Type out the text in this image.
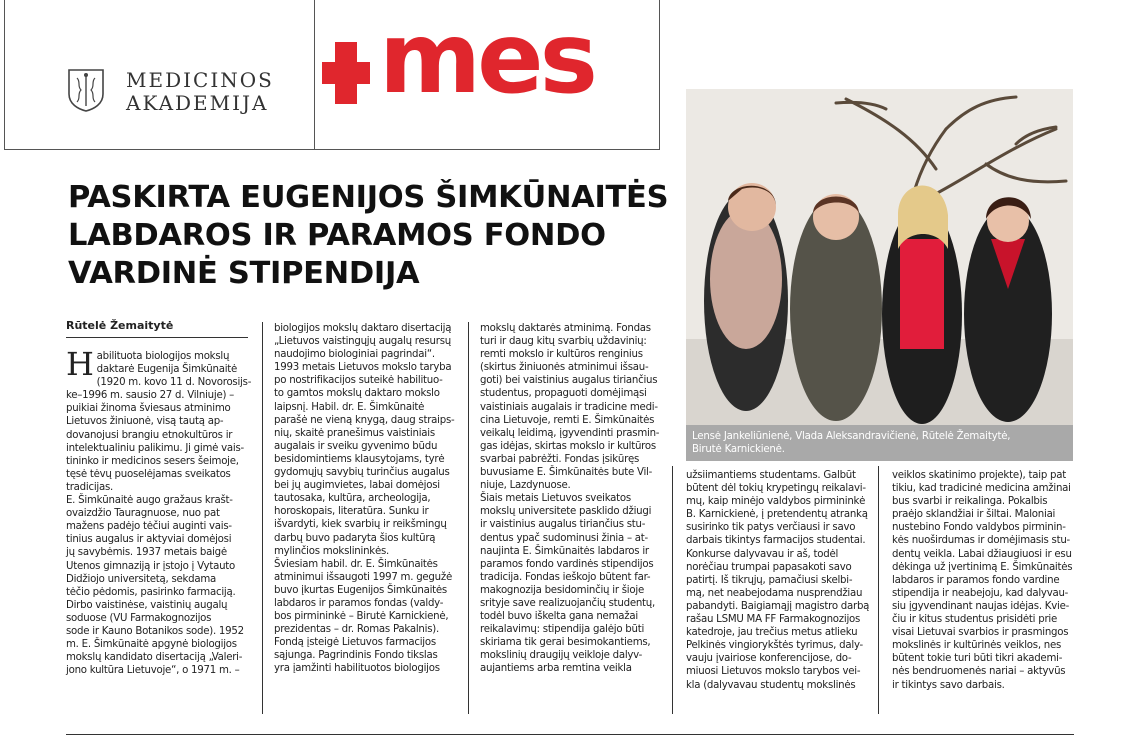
MEDICINOS
AKADEMIJA mes
PASKIRTA EUGENIJOS ŠIMKŪNAITĖS
LABDAROS IR PARAMOS FONDO
VARDINĖ STIPENDIJA
Rūtelė Žemaitytė
H abilituota biologijos mokslų
daktarė Eugenija Šimkūnaitė
(1920 m. kovo 11 d. Novorosijs-
ke–1996 m. sausio 27 d. Vilniuje) –
puikiai žinoma šviesaus atminimo
Lietuvos žiniuonė, visą tautą ap-
dovanojusi brangiu etnokultūros ir
intelektualiniu palikimu. Ji gimė vais-
tininko ir medicinos sesers šeimoje,
tęsė tėvų puoselėjamas sveikatos
tradicijas.
E. Šimkūnaitė augo gražaus krašt-
ovaizdžio Tauragnuose, nuo pat
mažens padėjo tėčiui auginti vais-
tinius augalus ir aktyviai domėjosi
jų savybėmis. 1937 metais baigė
Utenos gimnaziją ir įstojo į Vytauto
Didžiojo universitetą, sekdama
tėčio pėdomis, pasirinko farmaciją.
Dirbo vaistinėse, vaistinių augalų
soduose (VU Farmakognozijos
sode ir Kauno Botanikos sode). 1952
m. E. Šimkūnaitė apgynė biologijos
mokslų kandidato disertaciją „Valeri-
jono kultūra Lietuvoje“, o 1971 m. –
biologijos mokslų daktaro disertaciją
„Lietuvos vaistingųjų augalų resursų
naudojimo biologiniai pagrindai“.
1993 metais Lietuvos mokslo taryba
po nostrifikacijos suteikė habilituo-
to gamtos mokslų daktaro mokslo
laipsnį. Habil. dr. E. Šimkūnaitė
parašė ne vieną knygą, daug straips-
nių, skaitė pranešimus vaistiniais
augalais ir sveiku gyvenimo būdu
besidomintiems klausytojams, tyrė
gydomųjų savybių turinčius augalus
bei jų augimvietes, labai domėjosi
tautosaka, kultūra, archeologija,
horoskopais, literatūra. Sunku ir
išvardyti, kiek svarbių ir reikšmingų
darbų buvo padaryta šios kultūrą
mylinčios mokslininkės.
Šviesiam habil. dr. E. Šimkūnaitės
atminimui išsaugoti 1997 m. gegužė
buvo įkurtas Eugenijos Šimkūnaitės
labdaros ir paramos fondas (valdy-
bos pirmininkė – Birutė Karnickienė,
prezidentas – dr. Romas Pakalnis).
Fondą įsteigė Lietuvos farmacijos
sąjunga. Pagrindinis Fondo tikslas
yra įamžinti habilituotos biologijos
mokslų daktarės atminimą. Fondas
turi ir daug kitų svarbių uždavinių:
remti mokslo ir kultūros renginius
(skirtus žiniuonės atminimui išsau-
goti) bei vaistinius augalus tiriančius
studentus, propaguoti domėjimąsi
vaistiniais augalais ir tradicine medi-
cina Lietuvoje, remti E. Šimkūnaitės
veikalų leidimą, įgyvendinti prasmin-
gas idėjas, skirtas mokslo ir kultūros
svarbai pabrėžti. Fondas įsikūręs
buvusiame E. Šimkūnaitės bute Vil-
niuje, Lazdynuose.
Šiais metais Lietuvos sveikatos
mokslų universitete pasklido džiugi
ir vaistinius augalus tiriančius stu-
dentus ypač sudominusi žinia – at-
naujinta E. Šimkūnaitės labdaros ir
paramos fondo vardinės stipendijos
tradicija. Fondas ieškojo būtent far-
makognozija besidominčių ir šioje
srityje save realizuojančių studentų,
todėl buvo iškelta gana nemažai
reikalavimų: stipendija galėjo būti
skiriama tik gerai besimokantiems,
mokslinių draugijų veikloje dalyv-
aujantiems arba remtina veikla
Lensė Jankeliūnienė, Vlada Aleksandravičienė, Rūtelė Žemaitytė,
Birutė Karnickienė.
užsiimantiems studentams. Galbūt
būtent dėl tokių krypetingų reikalavi-
mų, kaip minėjo valdybos pirmininkė
B. Karnickienė, į pretendentų atranką
susirinko tik patys verčiausi ir savo
darbais tikintys farmacijos studentai.
Konkurse dalyvavau ir aš, todėl
norėčiau trumpai papasakoti savo
patirtį. Iš tikrųjų, pamačiusi skelbi-
mą, net neabejodama nusprendžiau
pabandyti. Baigiamąjį magistro darbą
rašau LSMU MA FF Farmakognozijos
katedroje, jau trečius metus atlieku
Pelkinės vingiorykštės tyrimus, daly-
vauju įvairiose konferencijose, do-
miuosi Lietuvos mokslo tarybos vei-
kla (dalyvavau studentų mokslinės
veiklos skatinimo projekte), taip pat
tikiu, kad tradicinė medicina amžinai
bus svarbi ir reikalinga. Pokalbis
praėjo sklandžiai ir šiltai. Maloniai
nustebino Fondo valdybos pirminin-
kės nuoširdumas ir domėjimasis stu-
dentų veikla. Labai džiaugiuosi ir esu
dėkinga už įvertinimą E. Šimkūnaitės
labdaros ir paramos fondo vardine
stipendija ir neabejoju, kad dalyvau-
siu įgyvendinant naujas idėjas. Kvie-
čiu ir kitus studentus prisidėti prie
visai Lietuvai svarbios ir prasmingos
mokslinės ir kultūrinės veiklos, nes
būtent tokie turi būti tikri akademi-
nės bendruomenės nariai – aktyvūs
ir tikintys savo darbais.
